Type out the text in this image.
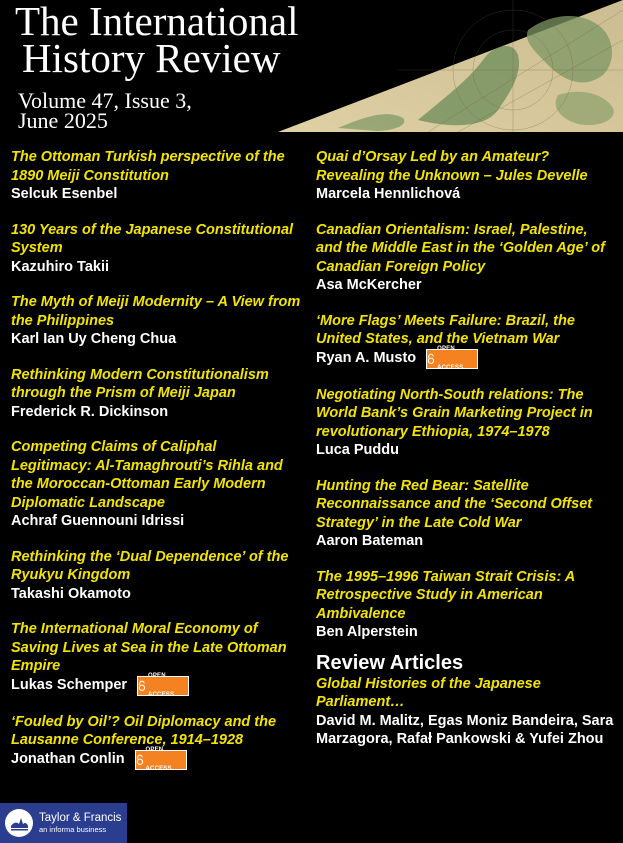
The International
History Review
Volume 47, Issue 3,
June 2025
The Ottoman Turkish perspective of the 1890 Meiji Constitution
Selcuk Esenbel
130 Years of the Japanese Constitutional System
Kazuhiro Takii
The Myth of Meiji Modernity – A View from the Philippines
Karl Ian Uy Cheng Chua
Rethinking Modern Constitutionalism through the Prism of Meiji Japan
Frederick R. Dickinson
Competing Claims of Caliphal Legitimacy: Al-Tamaghrouti’s Rihla and the Moroccan-Ottoman Early Modern Diplomatic Landscape
Achraf Guennouni Idrissi
Rethinking the ‘Dual Dependence’ of the Ryukyu Kingdom
Takashi Okamoto
The International Moral Economy of Saving Lives at Sea in the Late Ottoman Empire
Lukas Schemper
OPEN ACCESS
‘Fouled by Oil’? Oil Diplomacy and the Lausanne Conference, 1914–1928
Jonathan Conlin
OPEN ACCESS
Quai d’Orsay Led by an Amateur? Revealing the Unknown – Jules Develle
Marcela Hennlichová
Canadian Orientalism: Israel, Palestine, and the Middle East in the ‘Golden Age’ of Canadian Foreign Policy
Asa McKercher
‘More Flags’ Meets Failure: Brazil, the United States, and the Vietnam War
Ryan A. Musto
OPEN ACCESS
Negotiating North-South relations: The World Bank’s Grain Marketing Project in revolutionary Ethiopia, 1974–1978
Luca Puddu
Hunting the Red Bear: Satellite Reconnaissance and the ‘Second Offset Strategy’ in the Late Cold War
Aaron Bateman
The 1995–1996 Taiwan Strait Crisis: A Retrospective Study in American Ambivalence
Ben Alperstein
Review Articles
Global Histories of the Japanese Parliament…
David M. Malitz, Egas Moniz Bandeira, Sara Marzagora, Rafał Pankowski & Yufei Zhou
Taylor & Francis
an informa business
